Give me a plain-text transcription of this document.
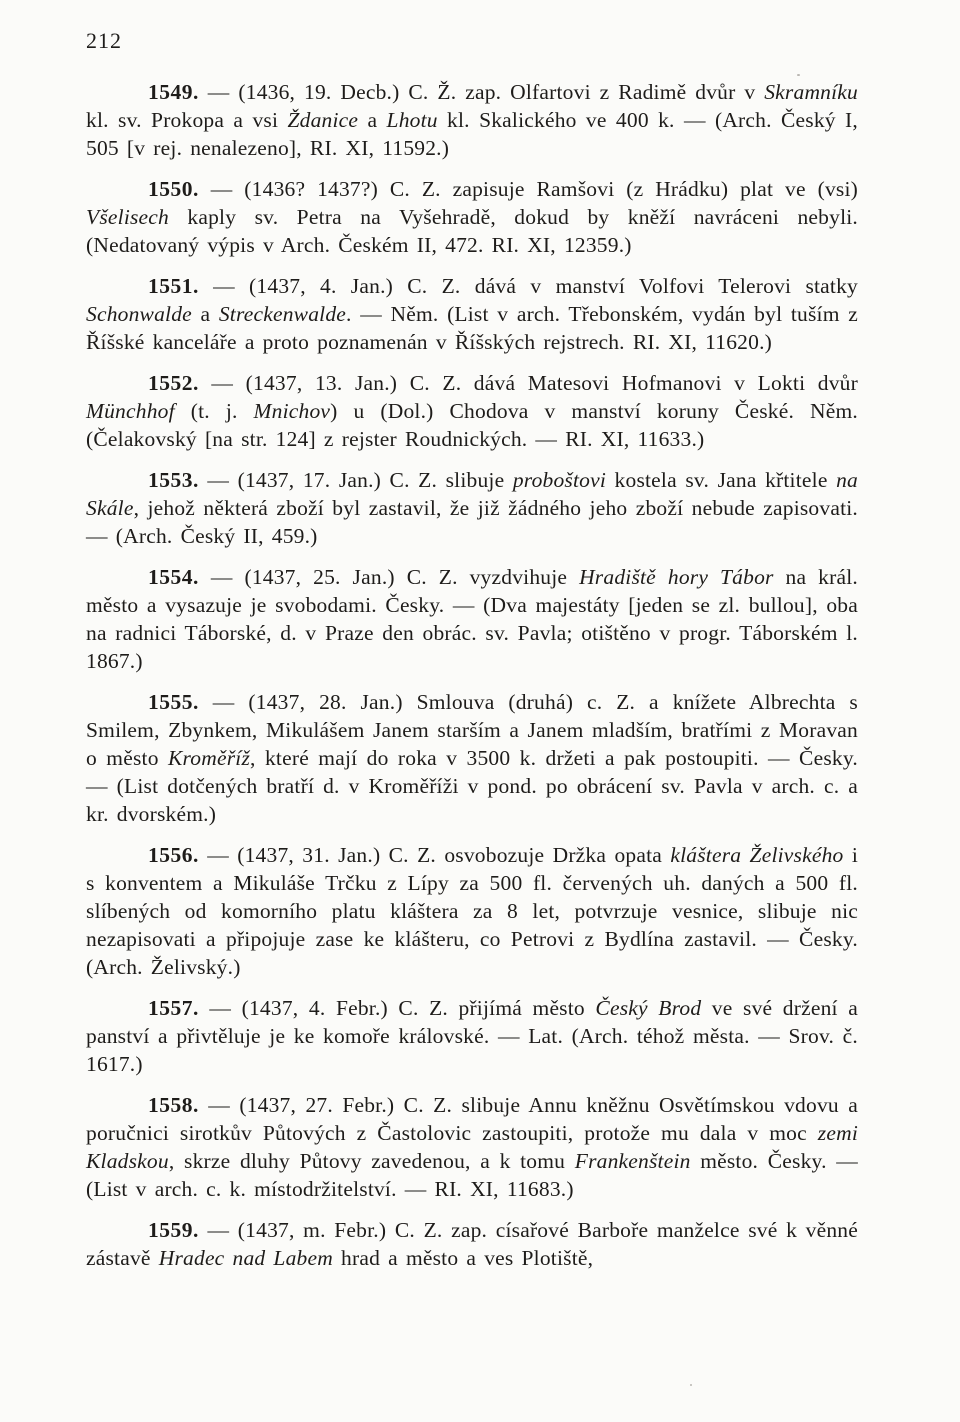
212

1549. — (1436, 19. Decb.) C. Ž. zap. Olfartovi z Radimě dvůr v Skramníku kl. sv. Prokopa a vsi Ždanice a Lhotu kl. Skalického ve 400 k. — (Arch. Český I, 505 [v rej. nenalezeno], RI. XI, 11592.)

1550. — (1436? 1437?) C. Z. zapisuje Ramšovi (z Hrádku) plat ve (vsi) Všelisech kaply sv. Petra na Vyšehradě, dokud by kněží navráceni nebyli. (Nedatovaný výpis v Arch. Českém II, 472. RI. XI, 12359.)

1551. — (1437, 4. Jan.) C. Z. dává v manství Volfovi Telerovi statky Schonwalde a Streckenwalde. — Něm. (List v arch. Třebonském, vydán byl tuším z Říšské kanceláře a proto poznamenán v Říšských rejstrech. RI. XI, 11620.)

1552. — (1437, 13. Jan.) C. Z. dává Matesovi Hofmanovi v Lokti dvůr Münchhof (t. j. Mnichov) u (Dol.) Chodova v manství koruny České. Něm. (Čelakovský [na str. 124] z rejster Roudnických. — RI. XI, 11633.)

1553. — (1437, 17. Jan.) C. Z. slibuje proboštovi kostela sv. Jana křtitele na Skále, jehož některá zboží byl zastavil, že již žádného jeho zboží nebude zapisovati. — (Arch. Český II, 459.)

1554. — (1437, 25. Jan.) C. Z. vyzdvihuje Hradiště hory Tábor na král. město a vysazuje je svobodami. Česky. — (Dva majestáty [jeden se zl. bullou], oba na radnici Táborské, d. v Praze den obrác. sv. Pavla; otištěno v progr. Táborském l. 1867.)

1555. — (1437, 28. Jan.) Smlouva (druhá) c. Z. a knížete Albrechta s Smilem, Zbynkem, Mikulášem Janem starším a Janem mladším, bratřími z Moravan o město Kroměříž, které mají do roka v 3500 k. držeti a pak postoupiti. — Česky. — (List dotčených bratří d. v Kroměříži v pond. po obrácení sv. Pavla v arch. c. a kr. dvorském.)

1556. — (1437, 31. Jan.) C. Z. osvobozuje Držka opata kláštera Želivského i s konventem a Mikuláše Trčku z Lípy za 500 fl. červených uh. daných a 500 fl. slíbených od komorního platu kláštera za 8 let, potvrzuje vesnice, slibuje nic nezapisovati a připojuje zase ke klášteru, co Petrovi z Bydlína zastavil. — Česky. (Arch. Želivský.)

1557. — (1437, 4. Febr.) C. Z. přijímá město Český Brod ve své držení a panství a přivtěluje je ke komoře královské. — Lat. (Arch. téhož města. — Srov. č. 1617.)

1558. — (1437, 27. Febr.) C. Z. slibuje Annu kněžnu Osvětímskou vdovu a poručnici sirotkův Půtových z Častolovic zastoupiti, protože mu dala v moc zemi Kladskou, skrze dluhy Půtovy zavedenou, a k tomu Frankenštein město. Česky. — (List v arch. c. k. místodržitelství. — RI. XI, 11683.)

1559. — (1437, m. Febr.) C. Z. zap. císařové Barboře manželce své k věnné zástavě Hradec nad Labem hrad a město a ves Plotiště,
